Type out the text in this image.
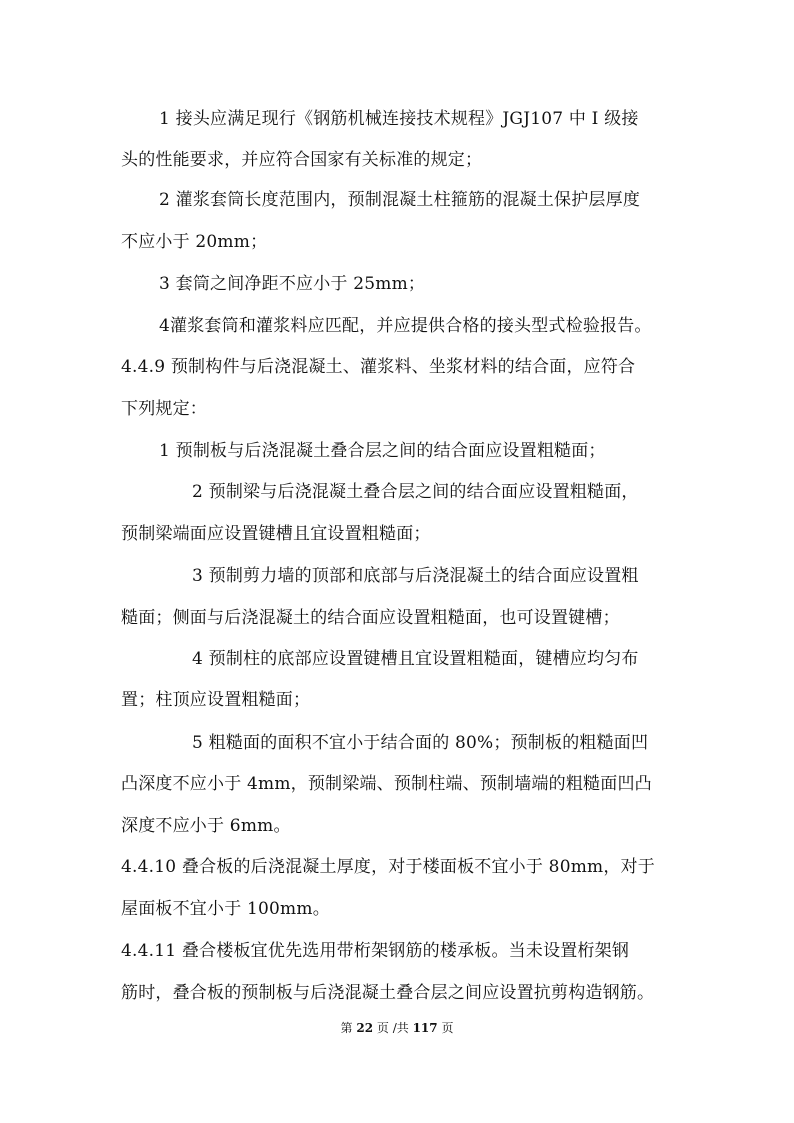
1 接头应满足现行《钢筋机械连接技术规程》JGJ107 中 I 级接
头的性能要求，并应符合国家有关标准的规定；
2 灌浆套筒长度范围内，预制混凝土柱箍筋的混凝土保护层厚度
不应小于 20mm；
3 套筒之间净距不应小于 25mm；
4灌浆套筒和灌浆料应匹配，并应提供合格的接头型式检验报告。
4.4.9 预制构件与后浇混凝土、灌浆料、坐浆材料的结合面，应符合
下列规定：
1 预制板与后浇混凝土叠合层之间的结合面应设置粗糙面；
2 预制梁与后浇混凝土叠合层之间的结合面应设置粗糙面，
预制梁端面应设置键槽且宜设置粗糙面；
3 预制剪力墙的顶部和底部与后浇混凝土的结合面应设置粗
糙面；侧面与后浇混凝土的结合面应设置粗糙面，也可设置键槽；
4 预制柱的底部应设置键槽且宜设置粗糙面，键槽应均匀布
置；柱顶应设置粗糙面；
5 粗糙面的面积不宜小于结合面的 80%；预制板的粗糙面凹
凸深度不应小于 4mm，预制梁端、预制柱端、预制墙端的粗糙面凹凸
深度不应小于 6mm。
4.4.10 叠合板的后浇混凝土厚度，对于楼面板不宜小于 80mm，对于
屋面板不宜小于 100mm。
4.4.11 叠合楼板宜优先选用带桁架钢筋的楼承板。当未设置桁架钢
筋时，叠合板的预制板与后浇混凝土叠合层之间应设置抗剪构造钢筋。
第 22 页 /共 117 页
